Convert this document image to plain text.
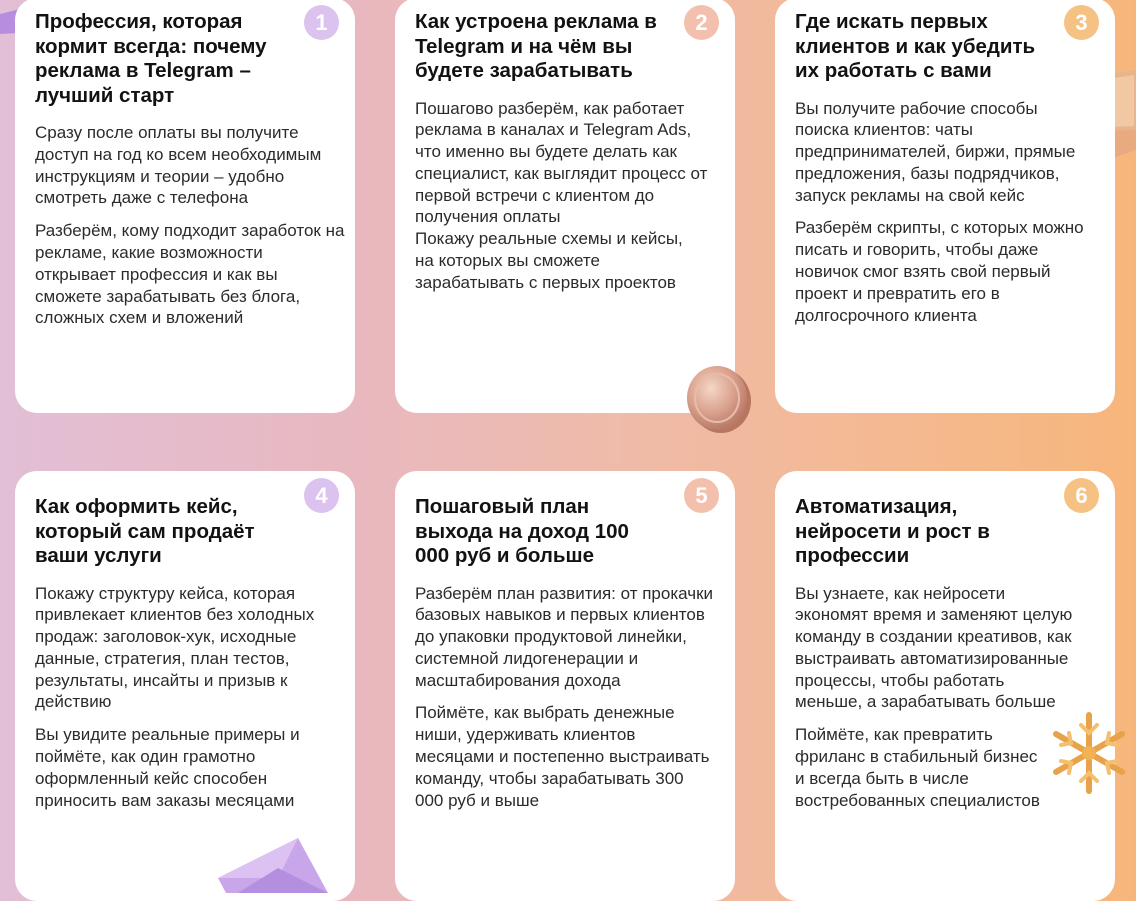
1
Профессия, которая кормит всегда: почему реклама в Telegram – лучший старт

Сразу после оплаты вы получите доступ на год ко всем необходимым инструкциям и теории – удобно смотреть даже с телефона

Разберём, кому подходит заработок на рекламе, какие возможности открывает профессия и как вы сможете зарабатывать без блога, сложных схем и вложений

2
Как устроена реклама в Telegram и на чём вы будете зарабатывать

Пошагово разберём, как работает реклама в каналах и Telegram Ads, что именно вы будете делать как специалист, как выглядит процесс от первой встречи с клиентом до получения оплаты

Покажу реальные схемы и кейсы, на которых вы сможете зарабатывать с первых проектов

3
Где искать первых клиентов и как убедить их работать с вами

Вы получите рабочие способы поиска клиентов: чаты предпринимателей, биржи, прямые предложения, базы подрядчиков, запуск рекламы на свой кейс

Разберём скрипты, с которых можно писать и говорить, чтобы даже новичок смог взять свой первый проект и превратить его в долгосрочного клиента

4
Как оформить кейс, который сам продаёт ваши услуги

Покажу структуру кейса, которая привлекает клиентов без холодных продаж: заголовок-хук, исходные данные, стратегия, план тестов, результаты, инсайты и призыв к действию

Вы увидите реальные примеры и поймёте, как один грамотно оформленный кейс способен приносить вам заказы месяцами

5
Пошаговый план выхода на доход 100 000 руб и больше

Разберём план развития: от прокачки базовых навыков и первых клиентов до упаковки продуктовой линейки, системной лидогенерации и масштабирования дохода

Поймёте, как выбрать денежные ниши, удерживать клиентов месяцами и постепенно выстраивать команду, чтобы зарабатывать 300 000 руб и выше

6
Автоматизация, нейросети и рост в профессии

Вы узнаете, как нейросети экономят время и заменяют целую команду в создании креативов, как выстраивать автоматизированные процессы, чтобы работать меньше, а зарабатывать больше

Поймёте, как превратить фриланс в стабильный бизнес и всегда быть в числе востребованных специалистов
